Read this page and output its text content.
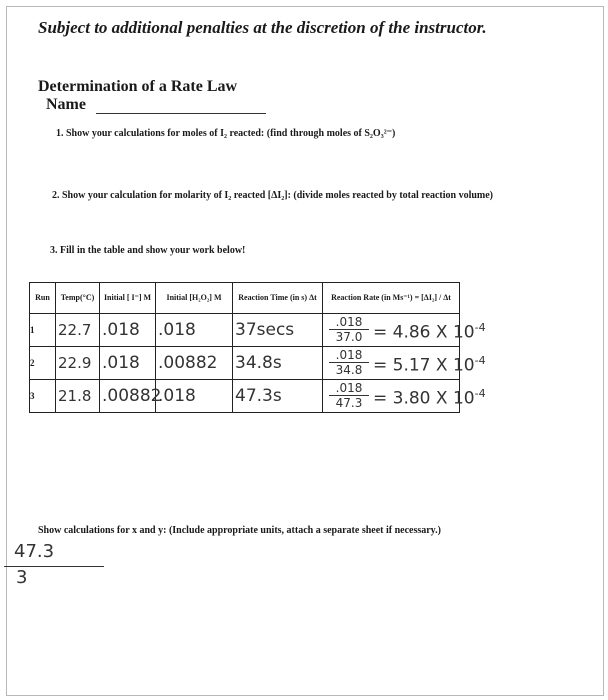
Subject to additional penalties at the discretion of the instructor.
Determination of a Rate Law
Name
1. Show your calculations for moles of I₂ reacted: (find through moles of S₂O₃²⁻)
2. Show your calculation for molarity of I₂ reacted [ΔI₂]: (divide moles reacted by total reaction volume)
3. Fill in the table and show your work below!
Run	Temp(°C)	Initial [ I⁻] M	Initial [H₂O₂] M	Reaction Time (in s) Δt	Reaction Rate (in Ms⁻¹) = [ΔI₂] / Δt
1	22.7	.018	.018	37secs	$\frac{.018}{37.0} = 4.86$ X $10^{-4}$

2	22.9	.018	.00882	34.8s	$\frac{.018}{34.8} = 5.17$ X $10^{-4}$

3	21.8	.00882	.018	47.3s	$\frac{.018}{47.3} = 3.80$ X $10^{-4}$
Show calculations for x and y: (Include appropriate units, attach a separate sheet if necessary.)
47.3
3
